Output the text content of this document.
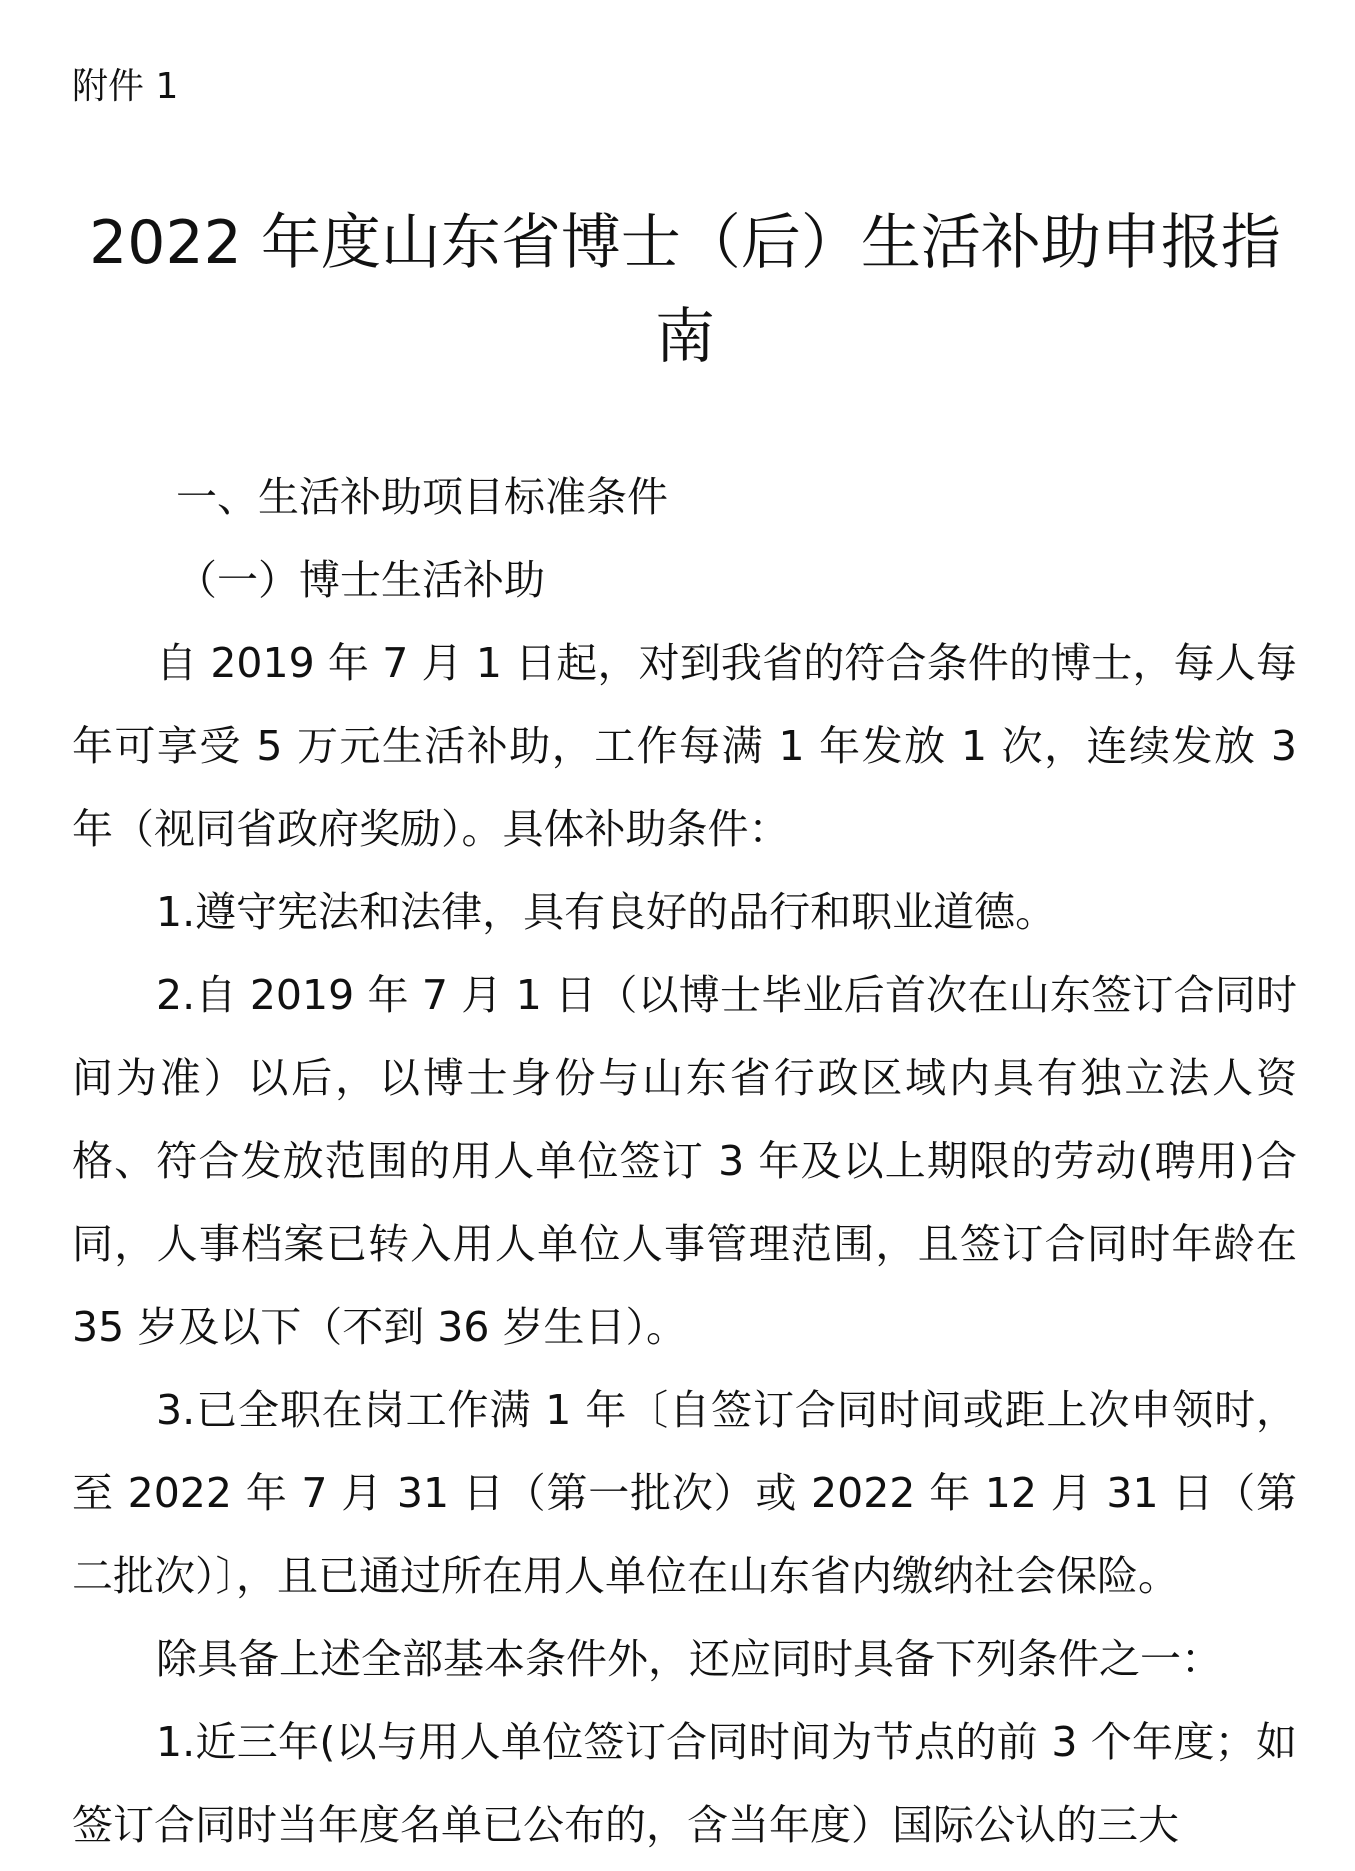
附件 1
2022 年度山东省博士（后）生活补助申报指南

一、生活补助项目标准条件

（一）博士生活补助

自 2019 年 7 月 1 日起，对到我省的符合条件的博士，每人每年可享受 5 万元生活补助，工作每满 1 年发放 1 次，连续发放 3 年（视同省政府奖励）。具体补助条件：

1.遵守宪法和法律，具有良好的品行和职业道德。

2.自 2019 年 7 月 1 日（以博士毕业后首次在山东签订合同时间为准）以后，以博士身份与山东省行政区域内具有独立法人资格、符合发放范围的用人单位签订 3 年及以上期限的劳动(聘用)合同，人事档案已转入用人单位人事管理范围，且签订合同时年龄在 35 岁及以下（不到 36 岁生日）。

3.已全职在岗工作满 1 年〔自签订合同时间或距上次申领时，至 2022 年 7 月 31 日（第一批次）或 2022 年 12 月 31 日（第二批次）〕，且已通过所在用人单位在山东省内缴纳社会保险。

除具备上述全部基本条件外，还应同时具备下列条件之一：

1.近三年(以与用人单位签订合同时间为节点的前 3 个年度；如签订合同时当年度名单已公布的，含当年度）国际公认的三大
